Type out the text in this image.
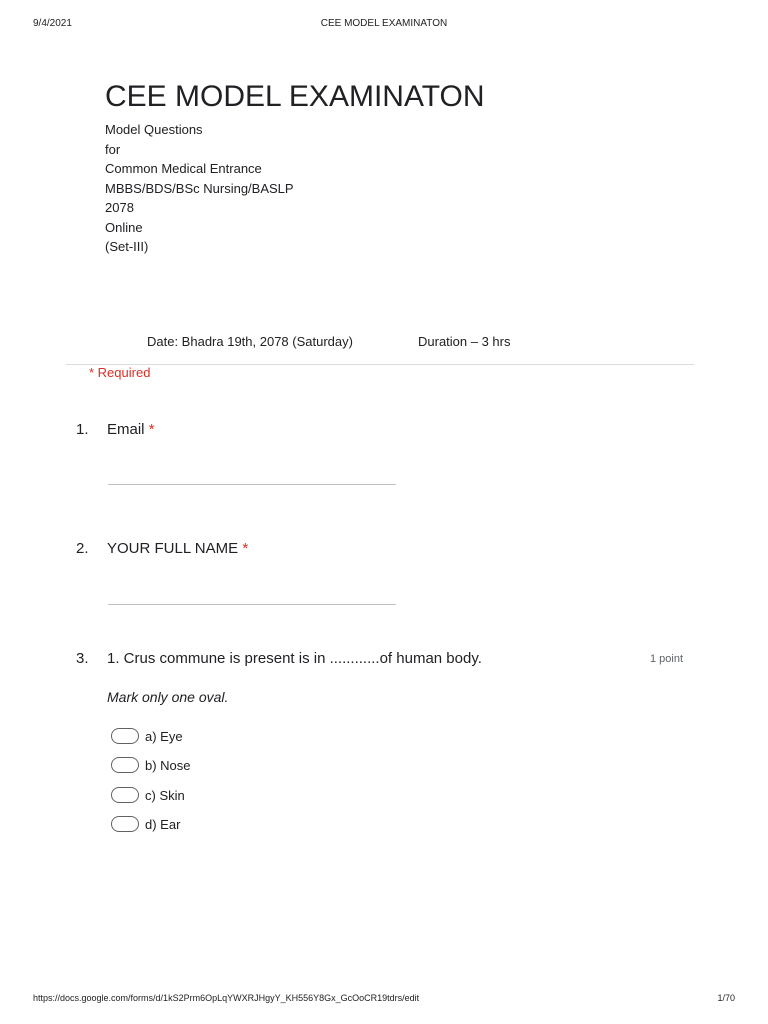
9/4/2021	CEE MODEL EXAMINATON
CEE MODEL EXAMINATON
Model Questions
for
Common Medical Entrance
MBBS/BDS/BSc Nursing/BASLP
2078
Online
(Set-III)
Date: Bhadra 19th, 2078 (Saturday)	Duration – 3 hrs
* Required
1. Email *
2. YOUR FULL NAME *
3. 1. Crus commune is present is in ............of human body.	1 point
Mark only one oval.
a) Eye
b) Nose
c) Skin
d) Ear
https://docs.google.com/forms/d/1kS2Prm6OpLqYWXRJHgyY_KH556Y8Gx_GcOoCR19tdrs/edit	1/70
